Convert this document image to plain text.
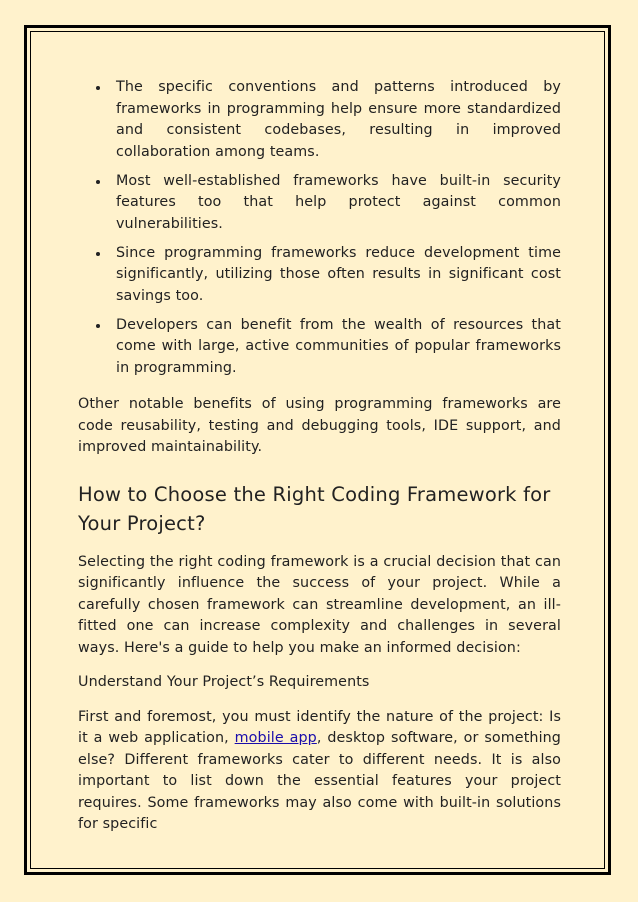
The specific conventions and patterns introduced by frameworks in programming help ensure more standardized and consistent codebases, resulting in improved collaboration among teams.
Most well-established frameworks have built-in security features too that help protect against common vulnerabilities.
Since programming frameworks reduce development time significantly, utilizing those often results in significant cost savings too.
Developers can benefit from the wealth of resources that come with large, active communities of popular frameworks in programming.

Other notable benefits of using programming frameworks are code reusability, testing and debugging tools, IDE support, and improved maintainability.

How to Choose the Right Coding Framework for Your Project?

Selecting the right coding framework is a crucial decision that can significantly influence the success of your project. While a carefully chosen framework can streamline development, an ill-fitted one can increase complexity and challenges in several ways. Here's a guide to help you make an informed decision:

Understand Your Project’s Requirements

First and foremost, you must identify the nature of the project: Is it a web application, mobile app, desktop software, or something else? Different frameworks cater to different needs. It is also important to list down the essential features your project requires. Some frameworks may also come with built-in solutions for specific
